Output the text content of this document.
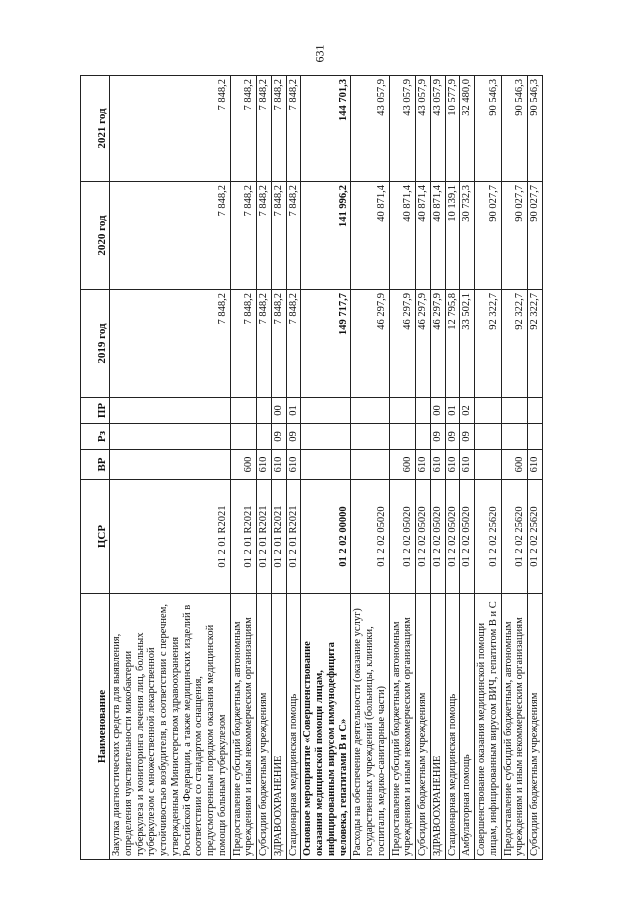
631
Наименование	ЦСР	ВР	Рз	ПР	2019 год	2020 год	2021 год
Закупка диагностических средств для выявления, определения чувствительности микобактерии туберкулеза и мониторинга лечения лиц, больных туберкулезом с множественной лекарственной устойчивостью возбудителя, в соответствии с перечнем, утвержденным Министерством здравоохранения Российской Федерации, а также медицинских изделий в соответствии со стандартом оснащения, предусмотренным порядком оказания медицинской помощи больным туберкулезом	01 2 01 R2021				7 848,2	7 848,2	7 848,2
Предоставление субсидий бюджетным, автономным учреждениям и иным некоммерческим организациям	01 2 01 R2021	600			7 848,2	7 848,2	7 848,2
Субсидии бюджетным учреждениям	01 2 01 R2021	610			7 848,2	7 848,2	7 848,2
ЗДРАВООХРАНЕНИЕ	01 2 01 R2021	610	09	00	7 848,2	7 848,2	7 848,2
Стационарная медицинская помощь	01 2 01 R2021	610	09	01	7 848,2	7 848,2	7 848,2
Основное мероприятие «Совершенствование оказания медицинской помощи лицам, инфицированным вирусом иммунодефицита человека, гепатитами В и С»	01 2 02 00000				149 717,7	141 996,2	144 701,3
Расходы на обеспечение деятельности (оказание услуг) государственных учреждений (больницы, клиники, госпитали, медико-санитарные части)	01 2 02 05020				46 297,9	40 871,4	43 057,9
Предоставление субсидий бюджетным, автономным учреждениям и иным некоммерческим организациям	01 2 02 05020	600			46 297,9	40 871,4	43 057,9
Субсидии бюджетным учреждениям	01 2 02 05020	610			46 297,9	40 871,4	43 057,9
ЗДРАВООХРАНЕНИЕ	01 2 02 05020	610	09	00	46 297,9	40 871,4	43 057,9
Стационарная медицинская помощь	01 2 02 05020	610	09	01	12 795,8	10 139,1	10 577,9
Амбулаторная помощь	01 2 02 05020	610	09	02	33 502,1	30 732,3	32 480,0
Совершенствование оказания медицинской помощи лицам, инфицированным вирусом ВИЧ, гепатитом В и С	01 2 02 25620				92 322,7	90 027,7	90 546,3
Предоставление субсидий бюджетным, автономным учреждениям и иным некоммерческим организациям	01 2 02 25620	600			92 322,7	90 027,7	90 546,3
Субсидии бюджетным учреждениям	01 2 02 25620	610			92 322,7	90 027,7	90 546,3
